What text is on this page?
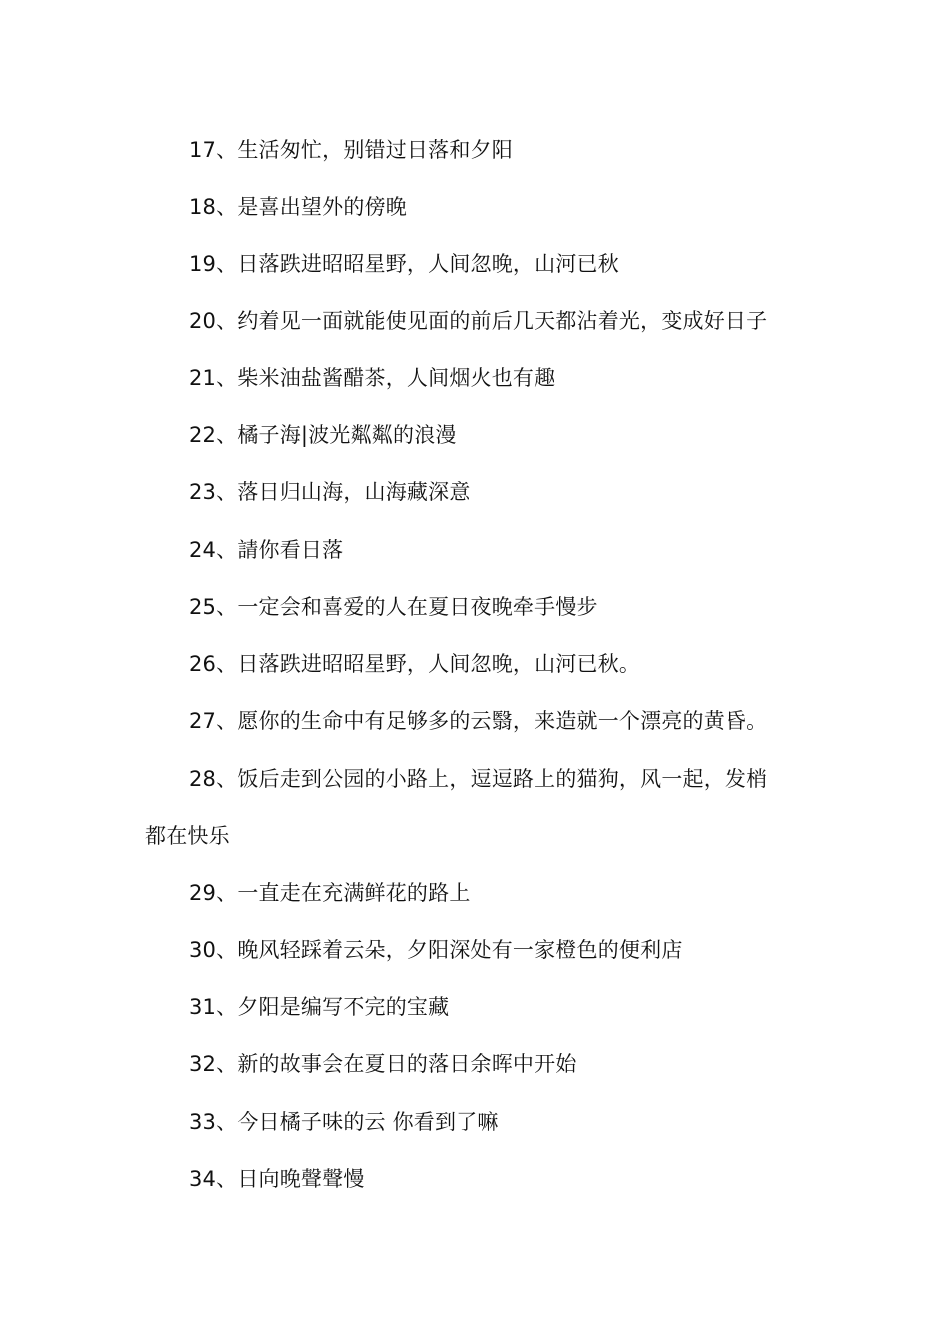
17、生活匆忙，别错过日落和夕阳
18、是喜出望外的傍晚
19、日落跌进昭昭星野，人间忽晚，山河已秋
20、约着见一面就能使见面的前后几天都沾着光，变成好日子
21、柴米油盐酱醋茶，人间烟火也有趣
22、橘子海|波光粼粼的浪漫
23、落日归山海，山海藏深意
24、請你看日落
25、一定会和喜爱的人在夏日夜晚牵手慢步
26、日落跌进昭昭星野，人间忽晚，山河已秋。
27、愿你的生命中有足够多的云翳，来造就一个漂亮的黄昏。
28、饭后走到公园的小路上，逗逗路上的猫狗，风一起，发梢
都在快乐
29、一直走在充满鲜花的路上
30、晚风轻踩着云朵，夕阳深处有一家橙色的便利店
31、夕阳是编写不完的宝藏
32、新的故事会在夏日的落日余晖中开始
33、今日橘子味的云 你看到了嘛
34、日向晚聲聲慢
